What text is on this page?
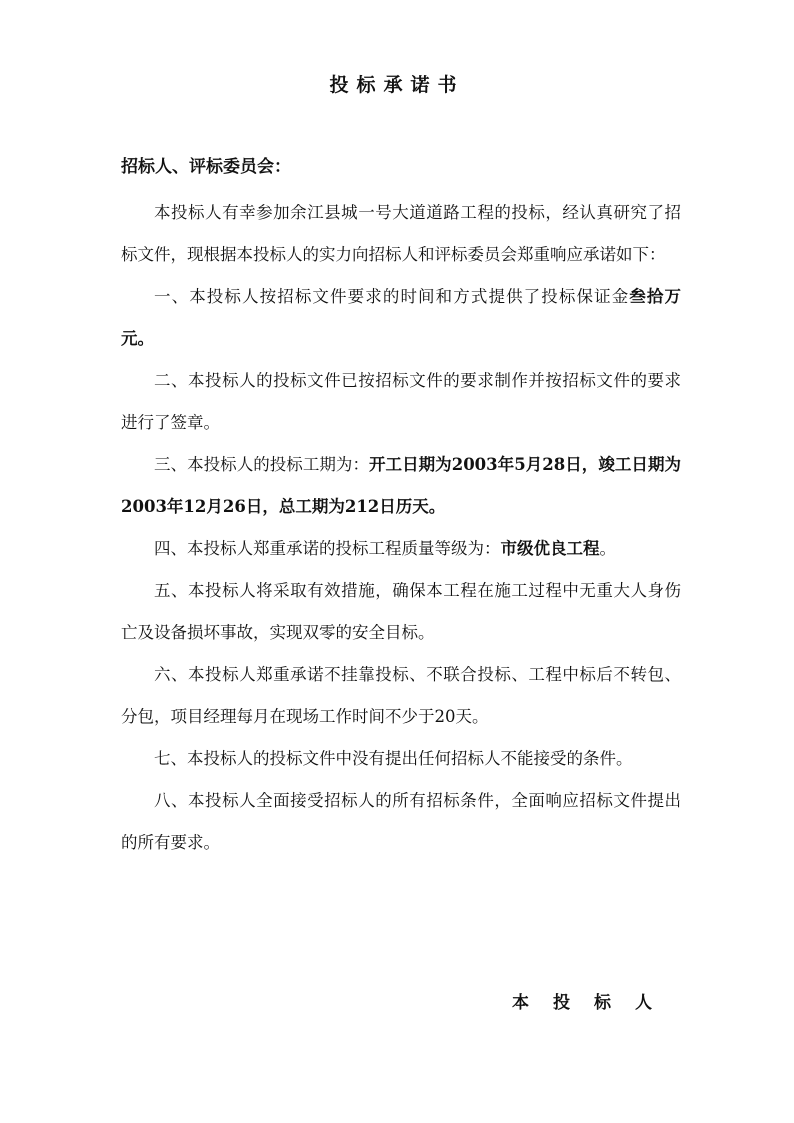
投标承诺书
招标人、评标委员会：

本投标人有幸参加余江县城一号大道道路工程的投标，经认真研究了招标文件，现根据本投标人的实力向招标人和评标委员会郑重响应承诺如下：

一、本投标人按招标文件要求的时间和方式提供了投标保证金叁拾万元。

二、本投标人的投标文件已按招标文件的要求制作并按招标文件的要求进行了签章。

三、本投标人的投标工期为：开工日期为2003年5月28日，竣工日期为2003年12月26日，总工期为212日历天。

四、本投标人郑重承诺的投标工程质量等级为：市级优良工程。

五、本投标人将采取有效措施，确保本工程在施工过程中无重大人身伤亡及设备损坏事故，实现双零的安全目标。

六、本投标人郑重承诺不挂靠投标、不联合投标、工程中标后不转包、分包，项目经理每月在现场工作时间不少于20天。

七、本投标人的投标文件中没有提出任何招标人不能接受的条件。

八、本投标人全面接受招标人的所有招标条件，全面响应招标文件提出的所有要求。

本投标人
